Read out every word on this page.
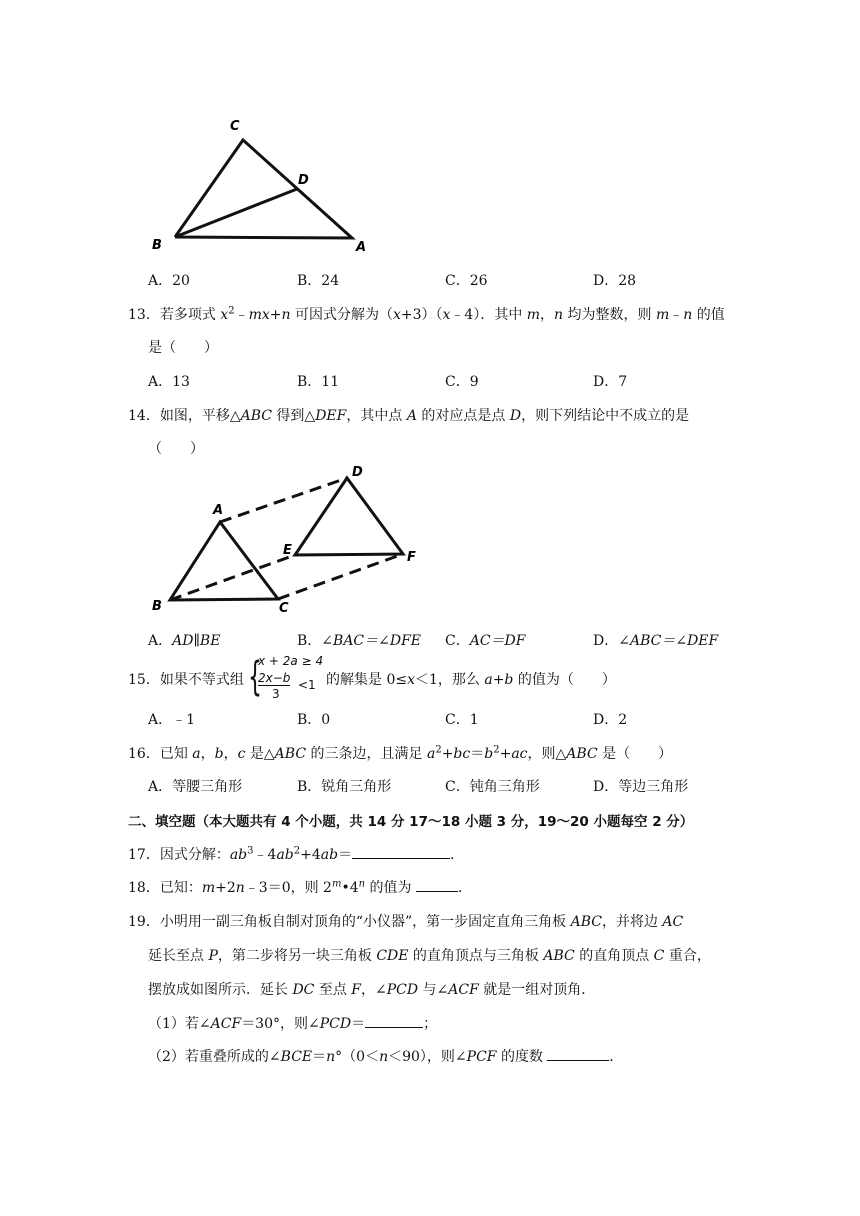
C
D
B	A
A．20	B．24	C．26	D．28
13．若多项式 $x^2﹣mx+n$ 可因式分解为（x+3）（x﹣4）．其中 m，n 均为整数，则 m﹣n 的值
是（　　）
A．13	B．11	C．9	D．7
14．如图，平移△ABC 得到△DEF，其中点 A 的对应点是点 D，则下列结论中不成立的是
（　　）
A
B	C
D
E	F
A．AD∥BE	B．∠BAC＝∠DFE C．AC＝DF	D．∠ABC＝∠DEF
15．如果不等式组 {
x + 2a ≥ 4
2x−b
3
<1 的解集是 0≤x＜1，那么 a+b 的值为（　　）
A．﹣1	B．0	C．1	D．2
16．已知 a，b，c 是△ABC 的三条边，且满足 $a^2+bc=b^2+ac$，则△ABC 是（　　）
A．等腰三角形	B．锐角三角形	C．钝角三角形	D．等边三角形
二、填空题（本大题共有 4 个小题，共 14 分 17～18 小题 3 分，19～20 小题每空 2 分）
17．因式分解：$ab^3﹣4ab^2+4ab=$	．
18．已知：m+2n﹣3＝0，则 2$^m$•4$^n$ 的值为	．
19．小明用一副三角板自制对顶角的“小仪器”，第一步固定直角三角板 ABC，并将边 AC
延长至点 P，第二步将另一块三角板 CDE 的直角顶点与三角板 ABC 的直角顶点 C 重合，
摆放成如图所示．延长 DC 至点 F，∠PCD 与∠ACF 就是一组对顶角．
（1）若∠ACF＝30°，则∠PCD＝	；
（2）若重叠所成的∠BCE＝n°（0＜n＜90），则∠PCF 的度数	．
